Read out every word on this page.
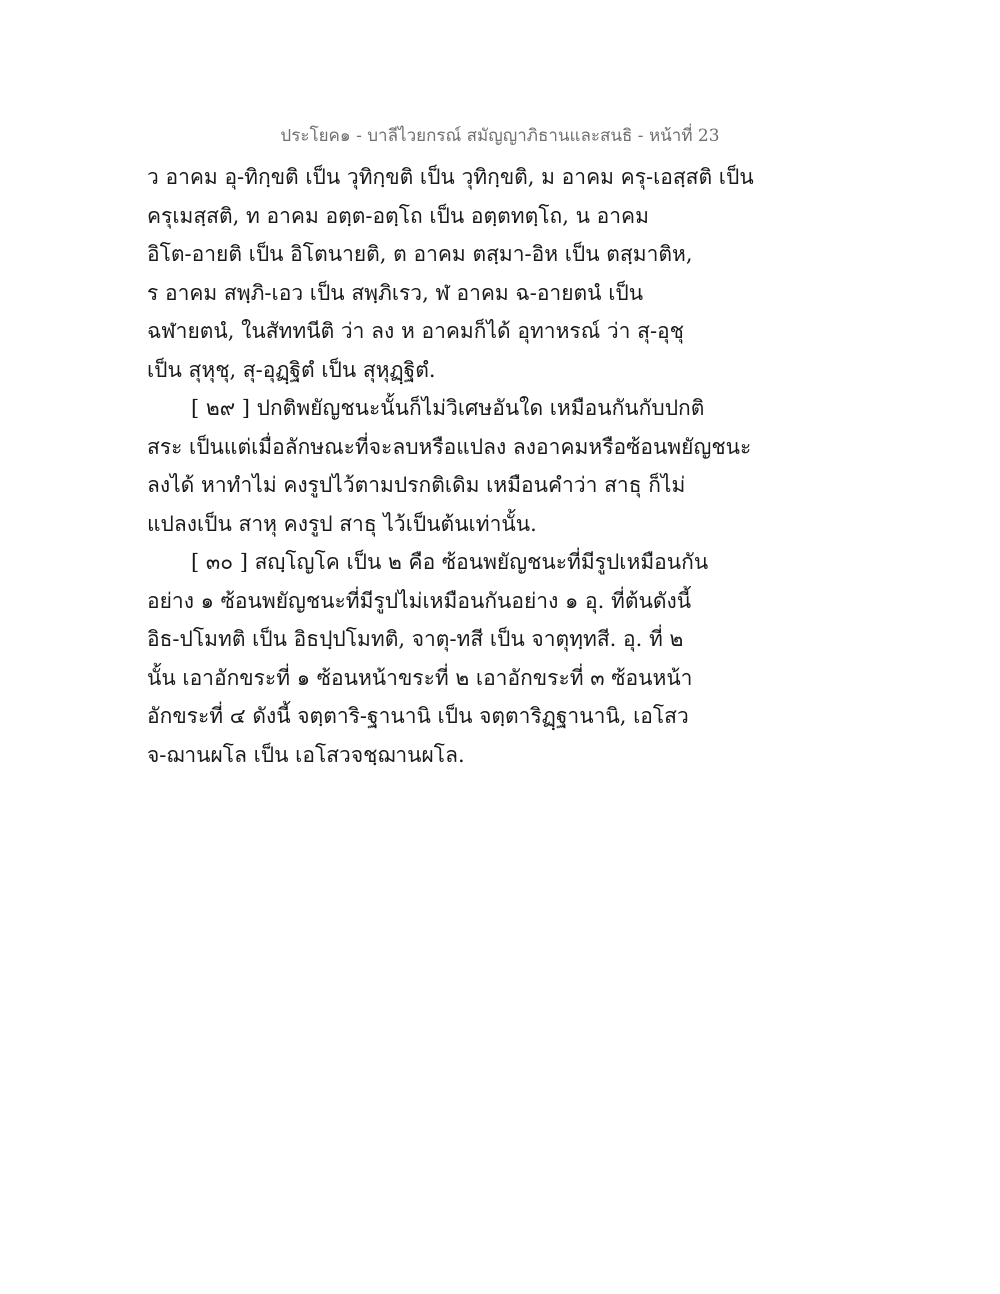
ประโยค๑ - บาลีไวยกรณ์ สมัญญาภิธานและสนธิ - หน้าที่ 23
ว อาคม อุ-ทิกฺขติ เป็น วุทิกฺขติ เป็น วุทิกฺขติ, ม อาคม ครุ-เอสฺสติ เป็น
ครุเมสฺสติ, ท อาคม อตฺต-อตฺโถ เป็น อตฺตทตฺโถ, น อาคม
อิโต-อายติ เป็น อิโตนายติ, ต อาคม ตสฺมา-อิห เป็น ตสฺมาติห,
ร อาคม สพฺภิ-เอว เป็น สพฺภิเรว, ฬ อาคม ฉ-อายตนํ เป็น
ฉฬายตนํ, ในสัททนีติ ว่า ลง ห อาคมก็ได้ อุทาหรณ์ ว่า สุ-อุชุ
เป็น สุหุชุ, สุ-อุฏฺฐิตํ เป็น สุหุฏฺฐิตํ.
[ ๒๙ ] ปกติพยัญชนะนั้นก็ไม่วิเศษอันใด เหมือนกันกับปกติ
สระ เป็นแต่เมื่อลักษณะที่จะลบหรือแปลง ลงอาคมหรือซ้อนพยัญชนะ
ลงได้ หาทำไม่ คงรูปไว้ตามปรกติเดิม เหมือนคำว่า สาธุ ก็ไม่
แปลงเป็น สาหุ คงรูป สาธุ ไว้เป็นต้นเท่านั้น.
[ ๓๐ ] สญฺโญโค เป็น ๒ คือ ซ้อนพยัญชนะที่มีรูปเหมือนกัน
อย่าง ๑ ซ้อนพยัญชนะที่มีรูปไม่เหมือนกันอย่าง ๑ อุ. ที่ต้นดังนี้
อิธ-ปโมทติ เป็น อิธปฺปโมทติ, จาตุ-ทสี เป็น จาตุทฺทสี. อุ. ที่ ๒
นั้น เอาอักขระที่ ๑ ซ้อนหน้าขระที่ ๒ เอาอักขระที่ ๓ ซ้อนหน้า
อักขระที่ ๔ ดังนี้ จตฺตาริ-ฐานานิ เป็น จตฺตาริฏฺฐานานิ, เอโสว
จ-ฌานผโล เป็น เอโสวจชฺฌานผโล.
